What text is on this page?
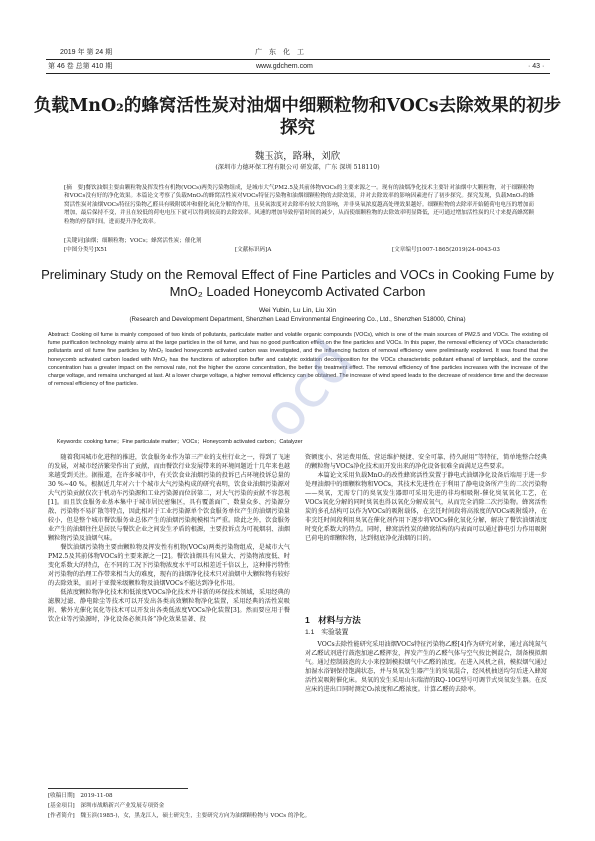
2019 年 第 24 期	广　东　化　工
第 46 卷 总第 410 期	www.gdchem.com	· 43 ·
负载MnO₂的蜂窝活性炭对油烟中细颗粒物和VOCs去除效果的初步探究
魏玉滨，路琳，刘欣
(深圳市力德环保工程有限公司 研发部，广东 深圳 518110)
[摘　要]餐饮油烟主要由颗粒物及挥发性有机物(VOCs)两类污染物组成，是城市大气PM2.5及其前体物VOCs的主要来源之一。现有的油烟净化技术主要针对油烟中大颗粒物，对于细颗粒物和VOCs没有好的净化效果。本篇论文考察了负载MnO₂的蜂窝活性炭对VOCs特征污染物和油烟细颗粒物的去除效果，并对去除效率的影响因素进行了初步探究。探究发现，负载MnO₂的蜂窝活性炭对油烟VOCs特征污染物乙醛具有吸附缓冲和催化氧化分解的作用，且臭氧浓度对去除率有较大的影响，并非臭氧浓度越高处理效果越好。细颗粒物的去除率开始随荷电电压的增加而增加，最后保持不变，并且在较低的荷电电压下就可以得到较高的去除效率。风速的增加导致停留时间的减少，从而使细颗粒物的去除效率明显降低，还可通过增加活性炭的尺寸来提高蜂窝颗粒物的停留时间，进而提升净化效率。
[关键词]油烟；细颗粒物；VOCs；蜂窝活性炭；催化剂
[中图分类号]X51	[文献标识码]A	[文章编号]1007-1865(2019)24-0043-03
Preliminary Study on the Removal Effect of Fine Particles and VOCs in Cooking Fume by MnO₂ Loaded Honeycomb Activated Carbon
Wei Yubin, Lu Lin, Liu Xin
(Research and Development Department, Shenzhen Lead Environmental Engineering Co., Ltd., Shenzhen 518000, China)
Abstract: Cooking oil fume is mainly composed of two kinds of pollutants, particulate matter and volatile organic compounds (VOCs), which is one of the main sources of PM2.5 and VOCs. The existing oil fume purification technology mainly aims at the large particles in the oil fume, and has no good purification effect on the fine particles and VOCs. In this paper, the removal efficiency of VOCs characteristic pollutants and oil fume fine particles by MnO₂ loaded honeycomb activated carbon was investigated, and the influencing factors of removal efficiency were preliminarily explored. It was found that the honeycomb activated carbon loaded with MnO₂ has the functions of adsorption buffer and catalytic oxidation decomposition for the VOCs characteristic pollutant ethanal of lampblack, and the ozone concentration has a greater impact on the removal rate, not the higher the ozone concentration, the better the treatment effect. The removal efficiency of fine particles increases with the increase of the charge voltage, and remains unchanged at last. At a lower charge voltage, a higher removal efficiency can be obtained. The increase of wind speed leads to the decrease of residence time and the decrease of removal efficiency of fine particles.
Keywords: cooking fume；Fine particulate matter；VOCs；Honeycomb activated carbon；Catalyzer
ocd

随着我国城市化进程的推进，饮食服务业作为第三产业的支柱行业之一，得到了飞速的发展，对城市经济繁荣作出了贡献，而由餐饮行业发展带来的环境问题近十几年来也越来越受到关注。据报道，在许多城市中，有关饮食业油烟污染的投诉已占环境投诉总量的30 %~40 %。根据近几年对六十个城市大气污染构成的研究表明，饮食业油烟污染源对大气污染贡献仅次于机动车污染源和工业污染源而位居第二，对大气污染的贡献不容忽视[1]。而且饮食服务业基本集中于城市居民密集区，具有覆盖面广、数量众多、污染源分散、污染物不易扩散等特点，因此相对于工业污染源单个饮食服务单位产生的油烟污染量较小，但是整个城市餐饮服务业总体产生的油烟污染规模相当严重。除此之外，饮食服务业产生的油烟往往是居民与餐饮企业之间发生矛盾的根源，主要投诉点为可视烟羽、油烟颗粒物污染及油烟气味。

餐饮油烟污染物主要由颗粒物及挥发性有机物(VOCs)两类污染物组成，是城市大气PM2.5及其前体物VOCs的主要来源之一[2]。餐饮油烟具有风量大、污染物浓度低、时变化系数大的特点，在不同的工况下污染物浓度水平可以相差近千倍以上，这种排污特性对污染物的治理工作带来相当大的难度，现有的油烟净化技术只对油烟中大颗粒物有较好的去除效果，而对于亚微米级颗粒物及油烟VOCs不能达到净化作用。

低浓度颗粒物净化技术和低浓度VOCs净化技术并非新的环保技术领域，采用经典的滤膜过滤、静电除尘等技术可以开发出各类高效颗粒物净化装置，采用经典的活性炭吸附、紫外光催化氧化等技术可以开发出各类低浓度VOCs净化装置[3]。然而要应用于餐饮企业等污染源时，净化设备必须具备“净化效果显著、投

资额度小、营运费用低、营运维护便捷、安全可靠、持久耐用”等特征，简单地整合经典的颗粒物与VOCs净化技术而开发出来的净化设备很难全面满足这些要求。

本篇论文采用负载MnO₂的改性蜂窝活性炭置于静电式油烟净化设备后端用于进一步处理油烟中的细颗粒物和VOCs，其技术先进性在于利用了静电设备所产生的二次污染物——臭氧，无需专门的臭氧发生器即可采用先进的非均相吸附-催化臭氧氧化工艺，在VOCs氧化分解的同时臭氧也得以氧化分解成氧气，从而完全消除二次污染物。蜂窝活性炭的多孔结构可以作为VOCs的吸附载体，在烹饪时间段将高浓度的VOCs吸附缓冲，在非烹饪时间段利用臭氧在催化剂作用下逐步将VOCs催化氧化分解，解决了餐饮油烟浓度时变化系数大的特点。同时，蜂窝活性炭的蜂窝结构的内表面可以通过静电引力作用吸附已荷电的细颗粒物，达到彻底净化油烟的目的。

1　材料与方法
1.1　实验装置

VOCs去除性能研究采用油烟VOCs特征污染物乙醛[4]作为研究对象，通过高纯氮气对乙醛试剂进行鼓泡加速乙醛挥发，挥发产生的乙醛气体与空气按比例混合，制备模拟烟气。通过控制鼓泡的大小来控制模拟烟气中乙醛的浓度。在进入风机之前，模拟烟气通过加湿水浴钢保持饱满状态，并与臭氧发生器产生的臭氧混合，经风机抽送均匀后进入蜂窝活性炭吸附催化床。臭氧的发生采用山东瑞清的RQ-10G型号可调节式臭氧发生器。在反应床的进出口同时测定O₃浓度和乙醛浓度。计算乙醛的去除率。

[收稿日期]　2019-11-08
[基金项目]　深圳市战略新兴产业发展专项资金
[作者简介]　魏玉滨(1985-)，女，黑龙江人，硕士研究生，主要研究方向为油烟颗粒物与 VOCs 的净化。
